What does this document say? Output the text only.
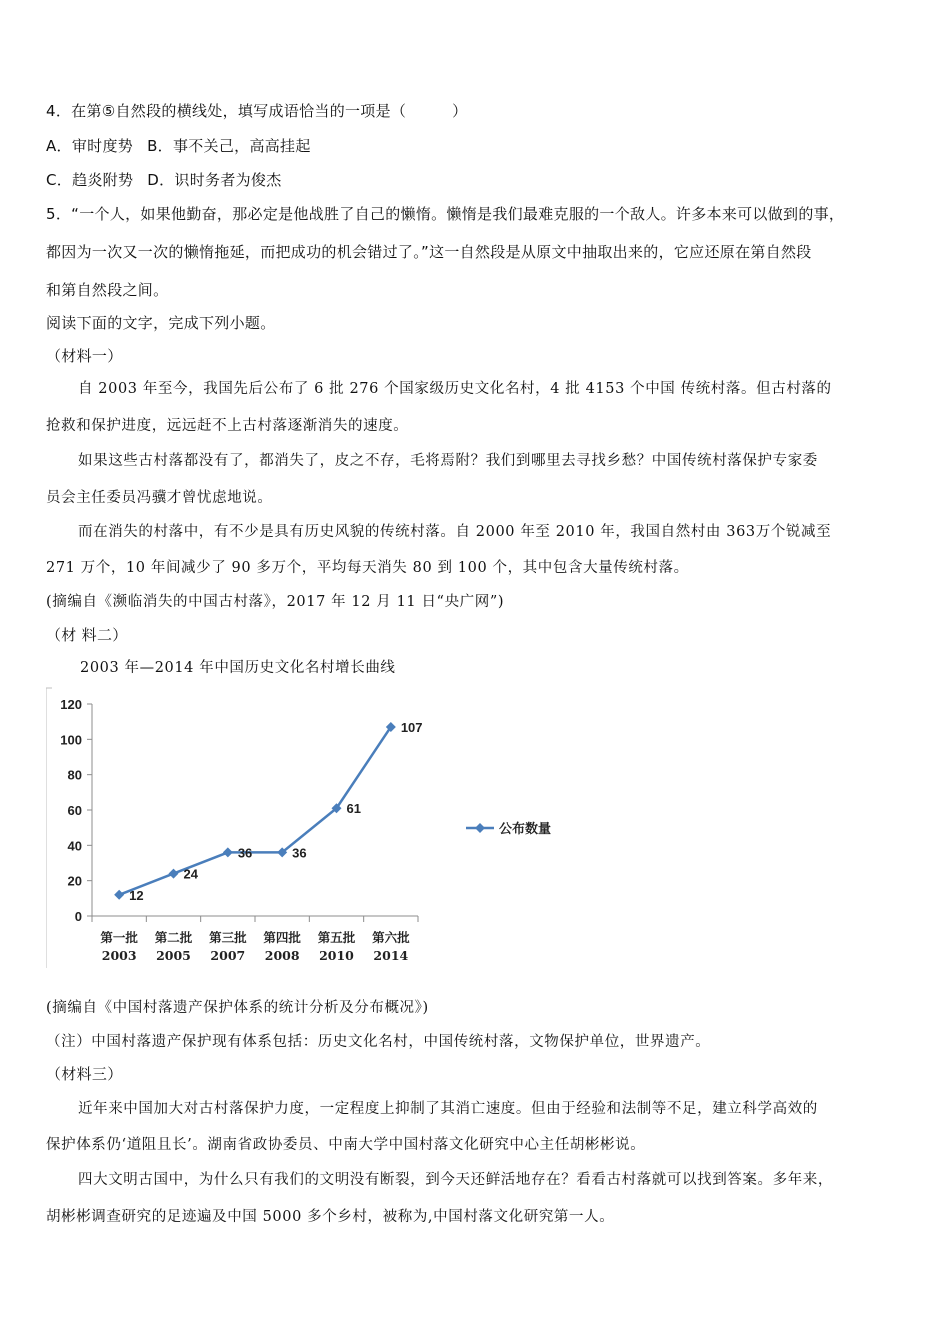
4．在第⑤自然段的横线处，填写成语恰当的一项是（　　　）
A．审时度势 B．事不关己，高高挂起
C．趋炎附势 D．识时务者为俊杰
5．“一个人，如果他勤奋，那必定是他战胜了自己的懒惰。懒惰是我们最难克服的一个敌人。许多本来可以做到的事，
都因为一次又一次的懒惰拖延，而把成功的机会错过了。”这一自然段是从原文中抽取出来的，它应还原在第自然段
和第自然段之间。
阅读下面的文字，完成下列小题。
（材料一）
自 2003 年至今，我国先后公布了 6 批 276 个国家级历史文化名村，4 批 4153 个中国 传统村落。但古村落的
抢救和保护进度，远远赶不上古村落逐渐消失的速度。
如果这些古村落都没有了，都消失了，皮之不存，毛将焉附？我们到哪里去寻找乡愁？中国传统村落保护专家委
员会主任委员冯骥才曾忧虑地说。
而在消失的村落中，有不少是具有历史风貌的传统村落。自 2000 年至 2010 年，我国自然村由 363万个锐减至
271 万个，10 年间减少了 90 多万个，平均每天消失 80 到 100 个，其中包含大量传统村落。
(摘编自《濒临消失的中国古村落》，2017 年 12 月 11 日“央广网”)
（材 料二）
2003 年—2014 年中国历史文化名村增长曲线
0
20
40
60
80
100
120
第一批
2003
第二批
2005
第三批
2007
第四批
2008
第五批
2010
第六批
2014
12
24
36	36
61
107
公布数量
(摘编自《中国村落遗产保护体系的统计分析及分布概况》)
（注）中国村落遗产保护现有体系包括：历史文化名村，中国传统村落，文物保护单位，世界遗产。
（材料三）
近年来中国加大对古村落保护力度，一定程度上抑制了其消亡速度。但由于经验和法制等不足，建立科学高效的
保护体系仍‘道阻且长’。湖南省政协委员、中南大学中国村落文化研究中心主任胡彬彬说。
四大文明古国中，为什么只有我们的文明没有断裂，到今天还鲜活地存在？看看古村落就可以找到答案。多年来，
胡彬彬调查研究的足迹遍及中国 5000 多个乡村，被称为,中国村落文化研究第一人。
